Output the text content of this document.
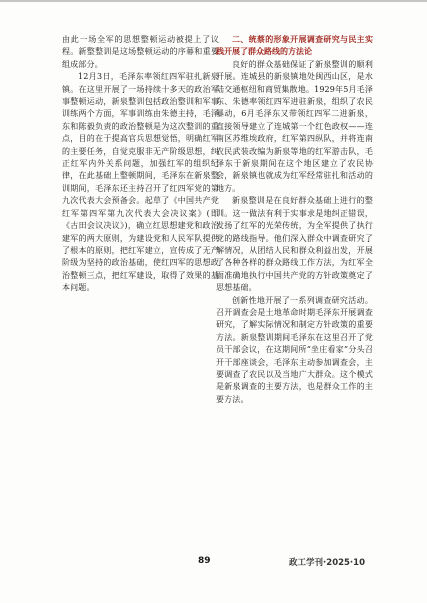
由此一场全军的思想整顿运动被提上了议程。新整整训是这场整顿运动的序幕和重要组成部分。

12月3日，毛泽东率领红四军驻扎新泉镇。在这里开展了一场持续十多天的政治军事整顿运动，新泉整训包括政治整训和军事训练两个方面，军事训练由朱德主持，毛泽东和陈毅负责的政治整顿是为这次整训的重点，目的在于提高官兵思想觉悟，明确红军的主要任务，自觉克服非无产阶级思想，纠正红军内外关系问题，加强红军的组织纪律，在此基础上整顿期间，毛泽东在新泉整训期间，毛泽东还主持召开了红四军党的第九次代表大会预备会。起草了《中国共产党红军第四军第九次代表大会决议案》(即《古田会议决议》)，确立红思想建党和政治建军的两大原则，为建设党和人民军队提供了根本的原则，把红军建立，宣传成了无产阶级为坚持的政治基础，使红四军的思想政治整顿三点，把红军建设，取得了效果的基本问题。

二、统蔡的形象开展调查研究与民主实践开展了群众路线的方法论

良好的群众基础保证了新泉整训的顺利开展。连城县的新泉镇地处闽西山区，是水陆交通枢纽和商贸集散地。1929年5月毛泽东、朱德率领红四军进驻新泉，组织了农民暴动，6月毛泽东又带领红四军二进新泉，直接领导建立了连城第一个红色政权——连南区苏维埃政府，红军第四纵队，并将连南农民武装改编为新泉等地的红军游击队，毛泽东于新泉期间在这个地区建立了农民协会，新泉镇也就成为红军经常驻扎和活动的地方。

新泉整训是在良好群众基础上进行的整训。这一做法有利于实事求是地纠正错误，发扬了红军的光荣传统，为全军提供了执行党的路线指导。他们深入群众中调查研究了解情况，从团结人民和群众利益出发，开展了各种各样的群众路线工作方法，为红军全面准确地执行中国共产党的方针政策奠定了思想基础。

创新性地开展了一系列调查研究活动。召开调查会是土地革命时期毛泽东开展调查研究，了解实际情况和制定方针政策的重要方法。新泉整训期间毛泽东在这里召开了党员干部会议，在这期间所“坐庄看家”分头召开干部座谈会，毛泽东主动参加调查会，主要调查了农民以及当地广大群众。这个模式是新泉调查的主要方法，也是群众工作的主要方法。

89	政工学刊·2025·10
